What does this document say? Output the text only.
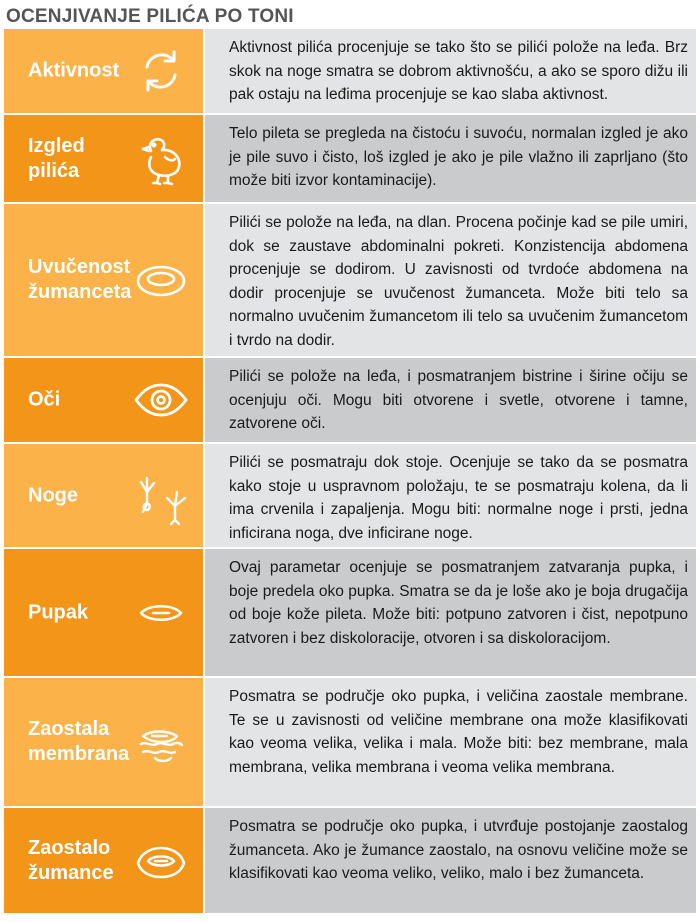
OCENJIVANJE PILIĆA PO TONI
Aktivnost
Aktivnost pilića procenjuje se tako što se pilići polože na leđa. Brz skok na noge smatra se dobrom aktivnošću, a ako se sporo dižu ili pak ostaju na leđima procenjuje se kao slaba aktivnost.
Izgled
pilića
Telo pileta se pregleda na čistoću i suvoću, normalan izgled je ako je pile suvo i čisto, loš izgled je ako je pile vlažno ili zaprljano (što može biti izvor kontaminacije).
Uvučenost
žumanceta
Pilići se polože na leđa, na dlan. Procena počinje kad se pile umiri, dok se zaustave abdominalni pokreti. Konzistencija abdomena procenjuje se dodirom. U zavisnosti od tvrdoće abdomena na dodir procenjuje se uvučenost žumanceta. Može biti telo sa normalno uvučenim žumancetom ili telo sa uvučenim žumancetom i tvrdo na dodir.
Oči
Pilići se polože na leđa, i posmatranjem bistrine i širine očiju se ocenjuju oči. Mogu biti otvorene i svetle, otvorene i tamne, zatvorene oči.
Noge
Pilići se posmatraju dok stoje. Ocenjuje se tako da se posmatra kako stoje u uspravnom položaju, te se posmatraju kolena, da li ima crvenila i zapaljenja. Mogu biti: normalne noge i prsti, jedna inficirana noga, dve inficirane noge.
Pupak
Ovaj parametar ocenjuje se posmatranjem zatvaranja pupka, i boje predela oko pupka. Smatra se da je loše ako je boja drugačija od boje kože pileta. Može biti: potpuno zatvoren i čist, nepotpuno zatvoren i bez diskoloracije, otvoren i sa diskoloracijom.
Zaostala
membrana
Posmatra se područje oko pupka, i veličina zaostale membrane. Te se u zavisnosti od veličine membrane ona može klasifikovati kao veoma velika, velika i mala. Može biti: bez membrane, mala membrana, velika membrana i veoma velika membrana.
Zaostalo
žumance
Posmatra se područje oko pupka, i utvrđuje postojanje zaostalog žumanceta. Ako je žumance zaostalo, na osnovu veličine može se klasifikovati kao veoma veliko, veliko, malo i bez žumanceta.
